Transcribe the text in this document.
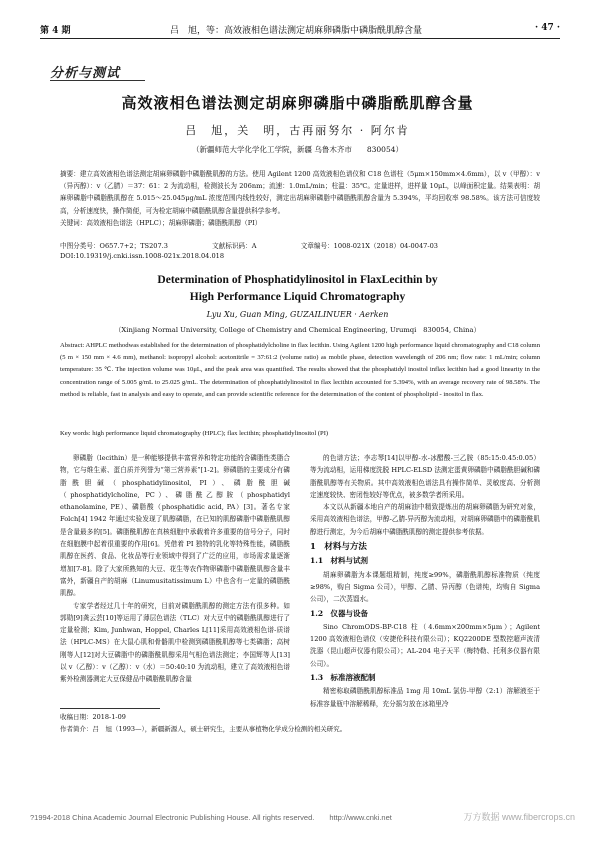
第 4 期	吕　旭，等：高效液相色谱法测定胡麻卵磷脂中磷脂酰肌醇含量	· 47 ·
分析与测试
高效液相色谱法测定胡麻卵磷脂中磷脂酰肌醇含量
吕　旭，关　明，古再丽努尔 · 阿尔肯
（新疆师范大学化学化工学院，新疆 乌鲁木齐市　　830054）
摘要：建立高效液相色谱法测定胡麻卵磷脂中磷脂酰肌醇的方法。使用 Agilent 1200 高效液相色谱仪和 C18 色谱柱（5μm×150mm×4.6mm），以 v（甲醇）：v（异丙醇）：v（乙腈）＝37：61：2 为流动相，检测波长为 206nm；流速：1.0mL/min；柱温：35℃。定量进样，进样量 10μL，以峰面积定量。结果表明：胡麻卵磷脂中磷脂酰肌醇在 5.015～25.045μg/mL 浓度范围内线性较好，测定出胡麻卵磷脂中磷脂酰肌醇含量为 5.394%，平均回收率 98.58%。该方法可信度较高，分析速度快，操作简便，可为检定胡麻中磷脂酰肌醇含量提供科学参考。
关键词：高效液相色谱法（HPLC）；胡麻卵磷脂；磷脂酰肌醇（PI）
中图分类号：O657.7+2；TS207.3	文献标识码：A	文章编号：1008-021X（2018）04-0047-03
DOI:10.19319/j.cnki.issn.1008-021x.2018.04.018
Determination of Phosphatidylinositol in FlaxLecithin by
High Performance Liquid Chromatography
Lyu Xu, Guan Ming, GUZAILINUER · Aerken
（Xinjiang Normal University, College of Chemistry and Chemical Engineering, Urumqi　830054, China）
Abstract: AHPLC methodwas established for the determination of phosphatidylcholine in flax lecithin. Using Agilent 1200 high performance liquid chromatography and C18 column (5 m × 150 mm × 4.6 mm), methanol: isopropyl alcohol: acetonitrile = 37:61:2 (volume ratio) as mobile phase, detection wavelength of 206 nm; flow rate: 1 mL/min; column temperature: 35 ℃. The injection volume was 10μL, and the peak area was quantified. The results showed that the phosphatidyl inositol inflax lecithin had a good linearity in the concentration range of 5.005 g/mL to 25.025 g/mL. The determination of phosphatidylinositol in flax lecithin accounted for 5.394%, with an average recovery rate of 98.58%. The method is reliable, fast in analysis and easy to operate, and can provide scientific reference for the determination of the content of phospholipid - inositol in flax.
Key words: high performance liquid chromatography (HPLC); flax lecithin; phosphatidylinositol (PI)

卵磷脂（lecithin）是一种能够提供丰富营养和特定功能的含磷脂性类脂合物，它与维生素、蛋白质并列誉为“第三营养素”[1-2]。卵磷脂的主要成分有磷脂酰胆碱（phosphatidylinositol, PI）、磷脂酰胆碱（phosphatidylcholine, PC）、磷脂酰乙醇胺（phosphatidyl ethanolamine, PE）、磷脂酸（phosphatidic acid, PA）[3]。著名专家 Folch[4] 1942 年通过实验发现了肌醇磷脂，在已知的肌醇磷脂中磷脂酰肌醇是含量最多的[5]。磷脂酰肌醇在真核细胞中承载着许多重要的信号分子，同时在细胞膜中起着很重要的作用[6]。凭借着 PI 独特的乳化等特殊性能，磷脂酰肌醇在医药、食品、化妆品等行业领域中得到了广泛的应用，市场需求量逐渐增加[7-8]。除了大家所熟知的大豆、花生等农作物卵磷脂中磷脂酰肌醇含量丰富外，新疆自产的胡麻（Linumusitatissimum L）中也含有一定量的磷脂酰肌醇。

专家学者经过几十年的研究，目前对磷脂酰肌醇的测定方法有很多种。如郭勋[9]龚云芸[10]等运用了薄层色谱法（TLC）对大豆中的磷脂酰肌醇进行了定量检测；Kim, Junhwan, Hoppel, Charles L[11]采用高效液相色谱-质谱法（HPLC-MS）在大鼠心肌和骨骼肌中检测到磷脂酰肌醇等七类磷脂；高树刚等人[12]对大豆磷脂中的磷脂酰肌醇采用气相色谱法测定；李国辉等人[13]以 v（乙醇）：v（乙醇）：v（水）＝50:40:10 为流动相，建立了高效液相色谱紫外检测器测定大豆保健品中磷脂酰肌醇含量

的色谱方法；李志琴[14]以甲醇-水-冰醋酸-三乙胺（85:15:0.45:0.05）等为流动相，运用梯度洗脱 HPLC-ELSD 法测定蛋黄卵磷脂中磷脂酰胆碱和磷脂酰肌醇等有关物质。其中高效液相色谱法具有操作简单、灵敏度高、分析测定速度较快、密闭性较好等优点，被多数学者所采用。

本文以从新疆本地自产的胡麻油中精致提炼出的胡麻卵磷脂为研究对象，采用高效液相色谱法，甲醇-乙腈-异丙醇为流动相，对胡麻卵磷脂中的磷脂酰肌醇进行测定，为今后胡麻中磷脂酰肌醇的测定提供参考依据。

1　材料与方法
1.1　材料与试剂

胡麻卵磷脂为本课题组精制，纯度≥99%，磷脂酰肌醇标准物质（纯度≥98%，购自 Sigma 公司），甲醇、乙腈、异丙醇（色谱纯，均购自 Sigma 公司），二次蒸馏水。

1.2　仪器与设备

Sino ChromODS-BP-C18 柱（4.6mm×200mm×5μm）；Agilent 1200 高效液相色谱仪（安捷伦科技有限公司）；KQ2200DE 型数控超声波清洗器（昆山超声仪器有限公司）；AL-204 电子天平（梅特勒、托利多仪器有限公司）。

1.3　标准溶液配制

精密称取磷脂酰肌醇标准品 1mg 用 10mL 氯仿-甲醇（2:1）溶解液至于标准容量瓶中溶解稀释，充分摇匀放在冰箱里冷

收稿日期：2018-1-09
作者简介：吕　旭（1993—），新疆新源人，硕士研究生，主要从事植物化学成分检测的相关研究。
?1994-2018 China Academic Journal Electronic Publishing House. All rights reserved.　　http://www.cnki.net	万方数据 www.fibercrops.cn
